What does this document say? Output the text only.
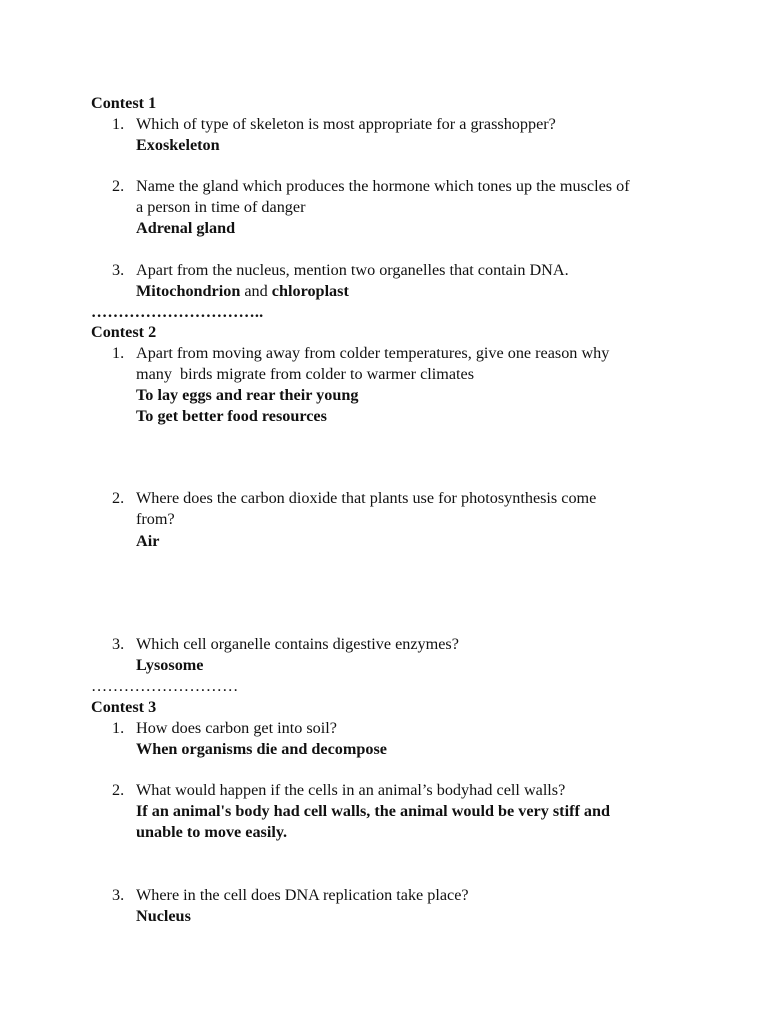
Contest 1
1. Which of type of skeleton is most appropriate for a grasshopper?
Exoskeleton
2. Name the gland which produces the hormone which tones up the muscles of
a person in time of danger
Adrenal gland
3. Apart from the nucleus, mention two organelles that contain DNA.
Mitochondrion and chloroplast
…………………………..
Contest 2
1. Apart from moving away from colder temperatures, give one reason why
many  birds migrate from colder to warmer climates
To lay eggs and rear their young
To get better food resources
2. Where does the carbon dioxide that plants use for photosynthesis come
from?
Air
3. Which cell organelle contains digestive enzymes?
Lysosome
………………………
Contest 3
1. How does carbon get into soil?
When organisms die and decompose
2. What would happen if the cells in an animal’s bodyhad cell walls?
If an animal's body had cell walls, the animal would be very stiff and
unable to move easily.
3. Where in the cell does DNA replication take place?
Nucleus
